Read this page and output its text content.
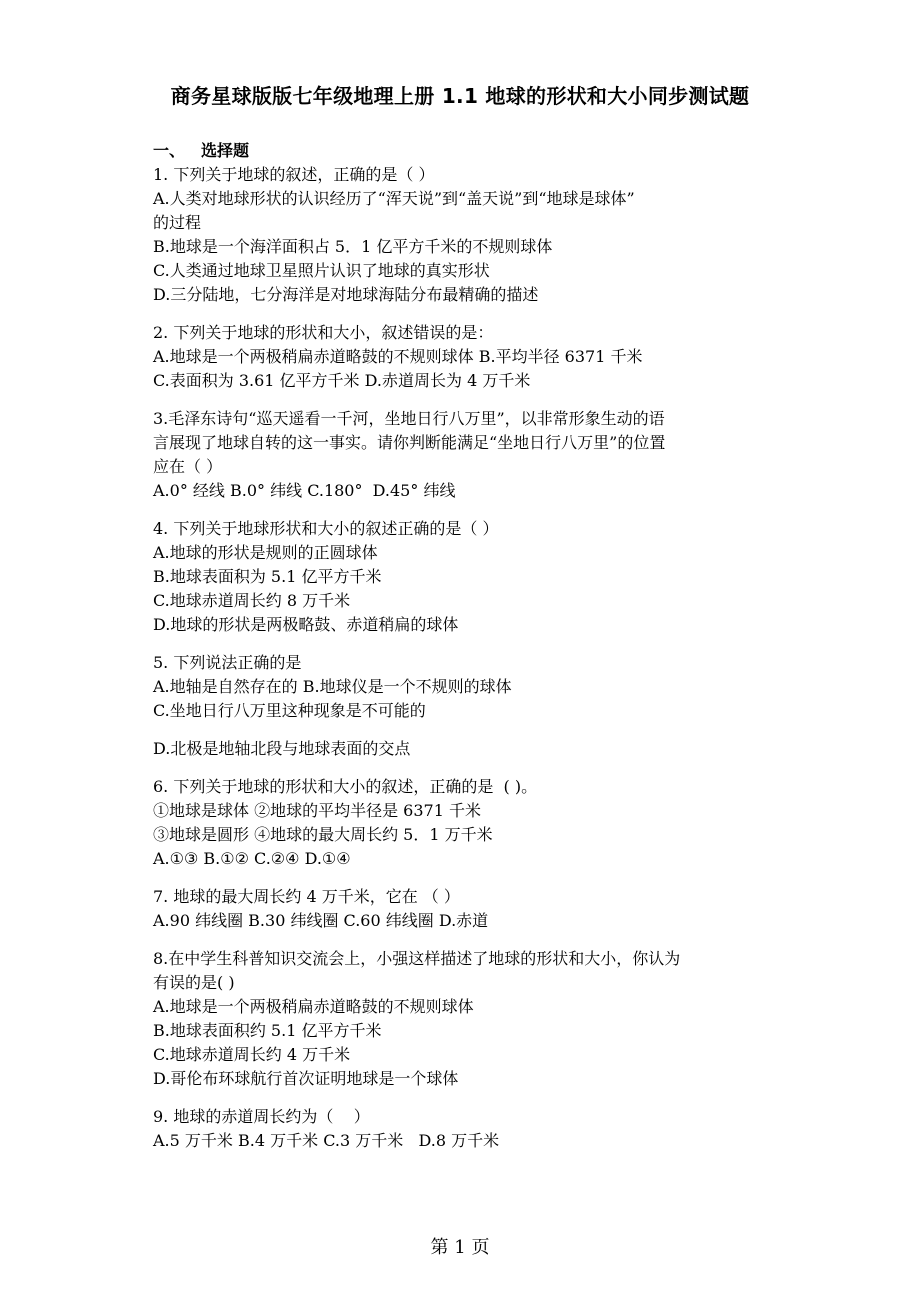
商务星球版版七年级地理上册 1.1 地球的形状和大小同步测试题
一、 选择题
1. 下列关于地球的叙述，正确的是（ ）
A.人类对地球形状的认识经历了“浑天说”到“盖天说”到“地球是球体”
的过程
B.地球是一个海洋面积占 5．1 亿平方千米的不规则球体
C.人类通过地球卫星照片认识了地球的真实形状
D.三分陆地，七分海洋是对地球海陆分布最精确的描述
2. 下列关于地球的形状和大小，叙述错误的是：
A.地球是一个两极稍扁赤道略鼓的不规则球体 B.平均半径 6371 千米
C.表面积为 3.61 亿平方千米 D.赤道周长为 4 万千米
3.毛泽东诗句“巡天遥看一千河，坐地日行八万里”，以非常形象生动的语
言展现了地球自转的这一事实。请你判断能满足“坐地日行八万里”的位置
应在（ ）
A.0° 经线 B.0° 纬线 C.180°  D.45° 纬线
4. 下列关于地球形状和大小的叙述正确的是（ ）
A.地球的形状是规则的正圆球体
B.地球表面积为 5.1 亿平方千米
C.地球赤道周长约 8 万千米
D.地球的形状是两极略鼓、赤道稍扁的球体
5. 下列说法正确的是
A.地轴是自然存在的 B.地球仪是一个不规则的球体
C.坐地日行八万里这种现象是不可能的
D.北极是地轴北段与地球表面的交点
6. 下列关于地球的形状和大小的叙述，正确的是  ( )。
①地球是球体 ②地球的平均半径是 6371 千米
③地球是圆形 ④地球的最大周长约 5．1 万千米
A.①③ B.①② C.②④ D.①④
7. 地球的最大周长约 4 万千米，它在 （ ）
A.90 纬线圈 B.30 纬线圈 C.60 纬线圈 D.赤道
8.在中学生科普知识交流会上，小强这样描述了地球的形状和大小，你认为
有误的是( )
A.地球是一个两极稍扁赤道略鼓的不规则球体
B.地球表面积约 5.1 亿平方千米
C.地球赤道周长约 4 万千米
D.哥伦布环球航行首次证明地球是一个球体
9. 地球的赤道周长约为（    ）
A.5 万千米 B.4 万千米 C.3 万千米   D.8 万千米
第 1 页
